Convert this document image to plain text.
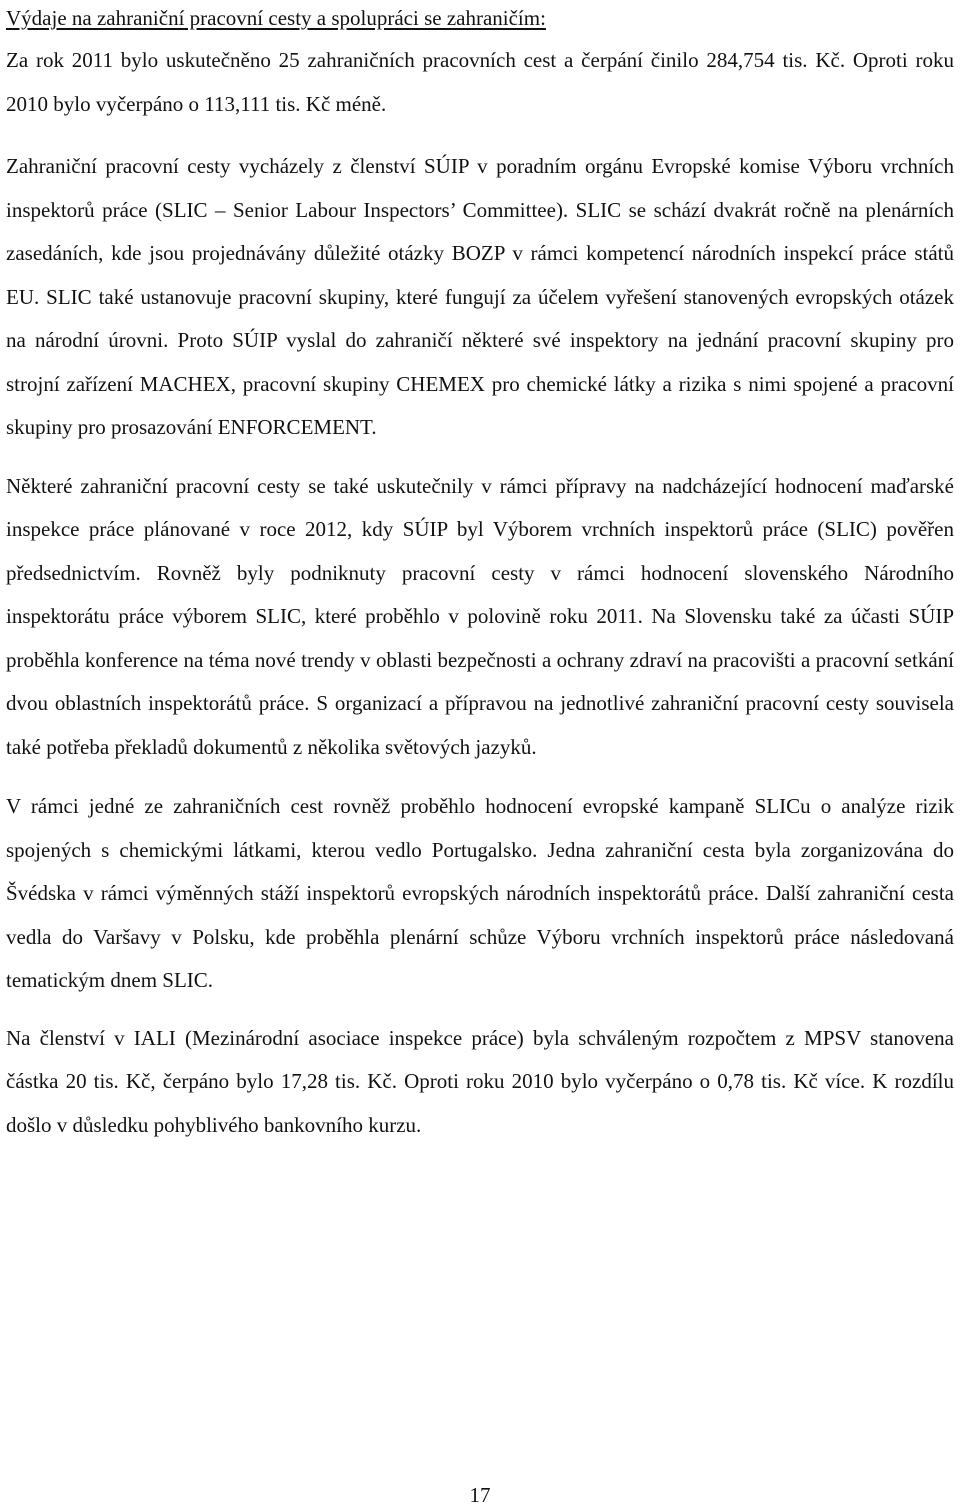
Výdaje na zahraniční pracovní cesty a spolupráci se zahraničím:

Za rok 2011 bylo uskutečněno 25 zahraničních pracovních cest a čerpání činilo 284,754 tis. Kč. Oproti roku 2010 bylo vyčerpáno o 113,111 tis. Kč méně.

Zahraniční pracovní cesty vycházely z členství SÚIP v poradním orgánu Evropské komise Výboru vrchních inspektorů práce (SLIC – Senior Labour Inspectors’ Committee). SLIC se schází dvakrát ročně na plenárních zasedáních, kde jsou projednávány důležité otázky BOZP v rámci kompetencí národních inspekcí práce států EU. SLIC také ustanovuje pracovní skupiny, které fungují za účelem vyřešení stanovených evropských otázek na národní úrovni. Proto SÚIP vyslal do zahraničí některé své inspektory na jednání pracovní skupiny pro strojní zařízení MACHEX, pracovní skupiny CHEMEX pro chemické látky a rizika s nimi spojené a pracovní skupiny pro prosazování ENFORCEMENT.

Některé zahraniční pracovní cesty se také uskutečnily v rámci přípravy na nadcházející hodnocení maďarské inspekce práce plánované v roce 2012, kdy SÚIP byl Výborem vrchních inspektorů práce (SLIC) pověřen předsednictvím. Rovněž byly podniknuty pracovní cesty v rámci hodnocení slovenského Národního inspektorátu práce výborem SLIC, které proběhlo v polovině roku 2011. Na Slovensku také za účasti SÚIP proběhla konference na téma nové trendy v oblasti bezpečnosti a ochrany zdraví na pracovišti a pracovní setkání dvou oblastních inspektorátů práce. S organizací a přípravou na jednotlivé zahraniční pracovní cesty souvisela také potřeba překladů dokumentů z několika světových jazyků.

V rámci jedné ze zahraničních cest rovněž proběhlo hodnocení evropské kampaně SLICu o analýze rizik spojených s chemickými látkami, kterou vedlo Portugalsko. Jedna zahraniční cesta byla zorganizována do Švédska v rámci výměnných stáží inspektorů evropských národních inspektorátů práce. Další zahraniční cesta vedla do Varšavy v Polsku, kde proběhla plenární schůze Výboru vrchních inspektorů práce následovaná tematickým dnem SLIC.

Na členství v IALI (Mezinárodní asociace inspekce práce) byla schváleným rozpočtem z MPSV stanovena částka 20 tis. Kč, čerpáno bylo 17,28 tis. Kč. Oproti roku 2010 bylo vyčerpáno o 0,78 tis. Kč více. K rozdílu došlo v důsledku pohyblivého bankovního kurzu.

17
